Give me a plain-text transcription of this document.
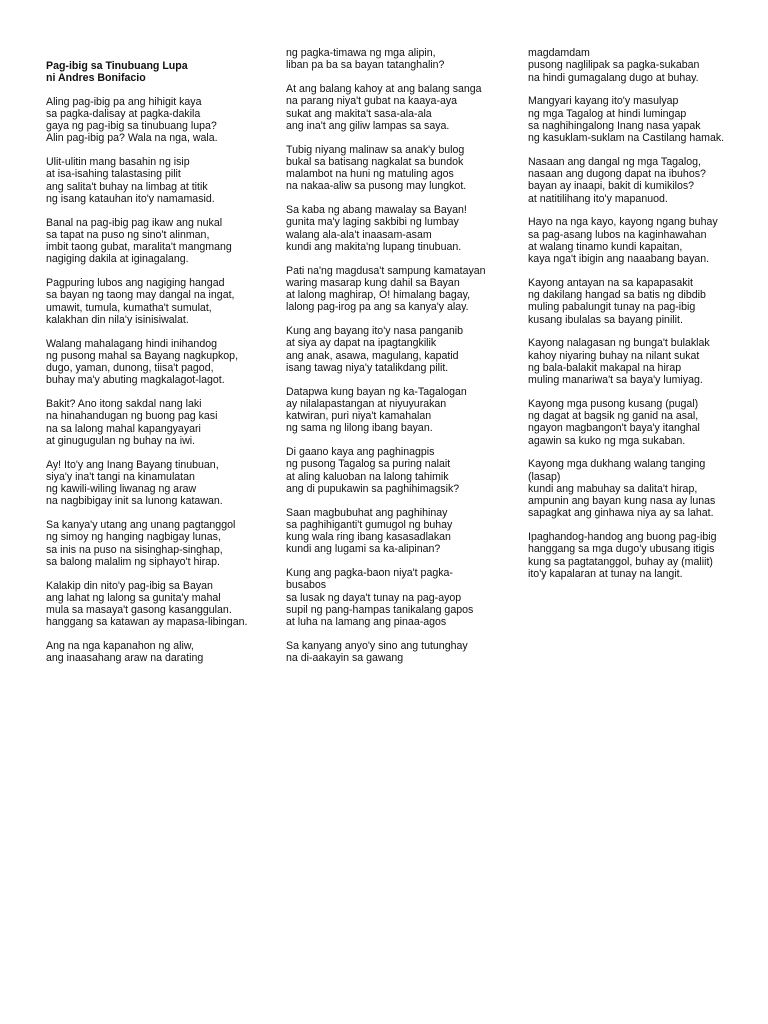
Pag-ibig sa Tinubuang Lupa
ni Andres Bonifacio
Aling pag-ibig pa ang hihigit kaya
sa pagka-dalisay at pagka-dakila
gaya ng pag-ibig sa tinubuang lupa?
Alin pag-ibig pa? Wala na nga, wala.
Ulit-ulitin mang basahin ng isip
at isa-isahing talastasing pilit
ang salita't buhay na limbag at titik
ng isang katauhan ito'y namamasid.
Banal na pag-ibig pag ikaw ang nukal
sa tapat na puso ng sino't alinman,
imbit taong gubat, maralita't mangmang
nagiging dakila at iginagalang.
Pagpuring lubos ang nagiging hangad
sa bayan ng taong may dangal na ingat,
umawit, tumula, kumatha't sumulat,
kalakhan din nila'y isinisiwalat.
Walang mahalagang hindi inihandog
ng pusong mahal sa Bayang nagkupkop,
dugo, yaman, dunong, tiisa't pagod,
buhay ma'y abuting magkalagot-lagot.
Bakit? Ano itong sakdal nang laki
na hinahandugan ng buong pag kasi
na sa lalong mahal kapangyayari
at ginugugulan ng buhay na iwi.
Ay! Ito'y ang Inang Bayang tinubuan,
siya'y ina't tangi na kinamulatan
ng kawili-wiling liwanag ng araw
na nagbibigay init sa lunong katawan.
Sa kanya'y utang ang unang pagtanggol
ng simoy ng hanging nagbigay lunas,
sa inis na puso na sisinghap-singhap,
sa balong malalim ng siphayo't hirap.
Kalakip din nito'y pag-ibig sa Bayan
ang lahat ng lalong sa gunita'y mahal
mula sa masaya't gasong kasanggulan.
hanggang sa katawan ay mapasa-libingan.
Ang na nga kapanahon ng aliw,
ang inaasahang araw na darating
ng pagka-timawa ng mga alipin,
liban pa ba sa bayan tatanghalin?
At ang balang kahoy at ang balang sanga
na parang niya't gubat na kaaya-aya
sukat ang makita't sasa-ala-ala
ang ina't ang giliw lampas sa saya.
Tubig niyang malinaw sa anak'y bulog
bukal sa batisang nagkalat sa bundok
malambot na huni ng matuling agos
na nakaa-aliw sa pusong may lungkot.
Sa kaba ng abang mawalay sa Bayan!
gunita ma'y laging sakbibi ng lumbay
walang ala-ala't inaasam-asam
kundi ang makita'ng lupang tinubuan.
Pati na'ng magdusa't sampung kamatayan
waring masarap kung dahil sa Bayan
at lalong maghirap, O! himalang bagay,
lalong pag-irog pa ang sa kanya'y alay.
Kung ang bayang ito'y nasa panganib
at siya ay dapat na ipagtangkilik
ang anak, asawa, magulang, kapatid
isang tawag niya'y tatalikdang pilit.
Datapwa kung bayan ng ka-Tagalogan
ay nilalapastangan at niyuyurakan
katwiran, puri niya't kamahalan
ng sama ng lilong ibang bayan.
Di gaano kaya ang paghinagpis
ng pusong Tagalog sa puring nalait
at aling kaluoban na lalong tahimik
ang di pupukawin sa paghihimagsik?
Saan magbubuhat ang paghihinay
sa paghihiganti't gumugol ng buhay
kung wala ring ibang kasasadlakan
kundi ang lugami sa ka-alipinan?
Kung ang pagka-baon niya't pagka-busabos
sa lusak ng daya't tunay na pag-ayop
supil ng pang-hampas tanikalang gapos
at luha na lamang ang pinaa-agos
Sa kanyang anyo'y sino ang tutunghay
na di-aakayin sa gawang
magdamdam
pusong naglilipak sa pagka-sukaban
na hindi gumagalang dugo at buhay.
Mangyari kayang ito'y masulyap
ng mga Tagalog at hindi lumingap
sa naghihingalong Inang nasa yapak
ng kasuklam-suklam na Castilang hamak.
Nasaan ang dangal ng mga Tagalog,
nasaan ang dugong dapat na ibuhos?
bayan ay inaapi, bakit di kumikilos?
at natitilihang ito'y mapanuod.
Hayo na nga kayo, kayong ngang buhay
sa pag-asang lubos na kaginhawahan
at walang tinamo kundi kapaitan,
kaya nga't ibigin ang naaabang bayan.
Kayong antayan na sa kapapasakit
ng dakilang hangad sa batis ng dibdib
muling pabalungit tunay na pag-ibig
kusang ibulalas sa bayang pinilit.
Kayong nalagasan ng bunga't bulaklak
kahoy niyaring buhay na nilant sukat
ng bala-balakit makapal na hirap
muling manariwa't sa baya'y lumiyag.
Kayong mga pusong kusang (pugal)
ng dagat at bagsik ng ganid na asal,
ngayon magbangon't baya'y itanghal
agawin sa kuko ng mga sukaban.
Kayong mga dukhang walang tanging (lasap)
kundi ang mabuhay sa dalita't hirap,
ampunin ang bayan kung nasa ay lunas
sapagkat ang ginhawa niya ay sa lahat.
Ipaghandog-handog ang buong pag-ibig
hanggang sa mga dugo'y ubusang itigis
kung sa pagtatanggol, buhay ay (maliit)
ito'y kapalaran at tunay na langit.
